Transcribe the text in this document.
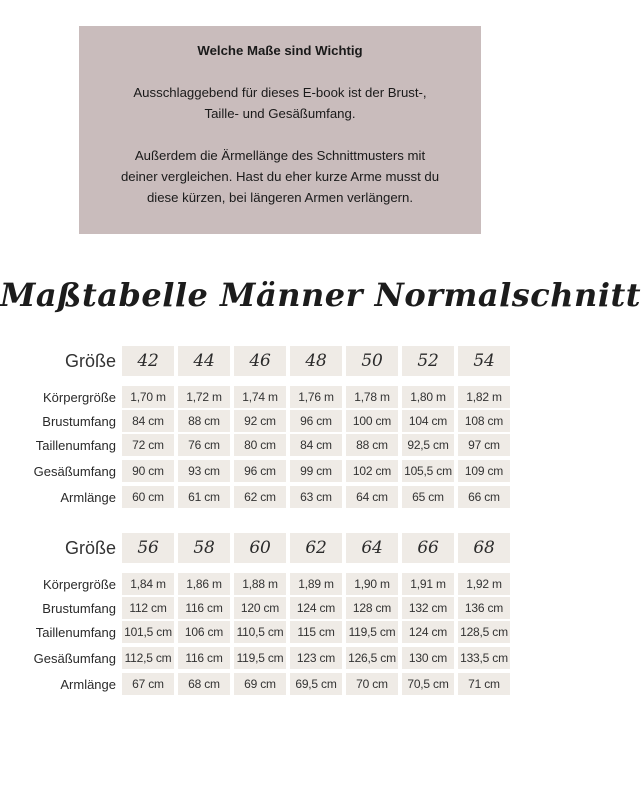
Welche Maße sind Wichtig
Ausschlaggebend für dieses E-book ist der Brust-,
Taille- und Gesäßumfang.
Außerdem die Ärmellänge des Schnittmusters mit
deiner vergleichen. Hast du eher kurze Arme musst du
diese kürzen, bei längeren Armen verlängern.
Maßtabelle Männer Normalschnitt
Größe	42	44	46	48	50	52	54
Körpergröße	1,70 m	1,72 m	1,74 m	1,76 m	1,78 m	1,80 m	1,82 m
Brustumfang	84 cm	88 cm	92 cm	96 cm	100 cm	104 cm	108 cm
Taillenumfang	72 cm	76 cm	80 cm	84 cm	88 cm	92,5 cm	97 cm
Gesäßumfang	90 cm	93 cm	96 cm	99 cm	102 cm	105,5 cm	109 cm
Armlänge	60 cm	61 cm	62 cm	63 cm	64 cm	65 cm	66 cm
Größe	56	58	60	62	64	66	68
Körpergröße	1,84 m	1,86 m	1,88 m	1,89 m	1,90 m	1,91 m	1,92 m
Brustumfang	112 cm	116 cm	120 cm	124 cm	128 cm	132 cm	136 cm
Taillenumfang 101,5 cm	106 cm	110,5 cm	115 cm	119,5 cm	124 cm	128,5 cm
Gesäßumfang 112,5 cm	116 cm	119,5 cm	123 cm	126,5 cm	130 cm	133,5 cm
Armlänge	67 cm	68 cm	69 cm	69,5 cm	70 cm	70,5 cm	71 cm
